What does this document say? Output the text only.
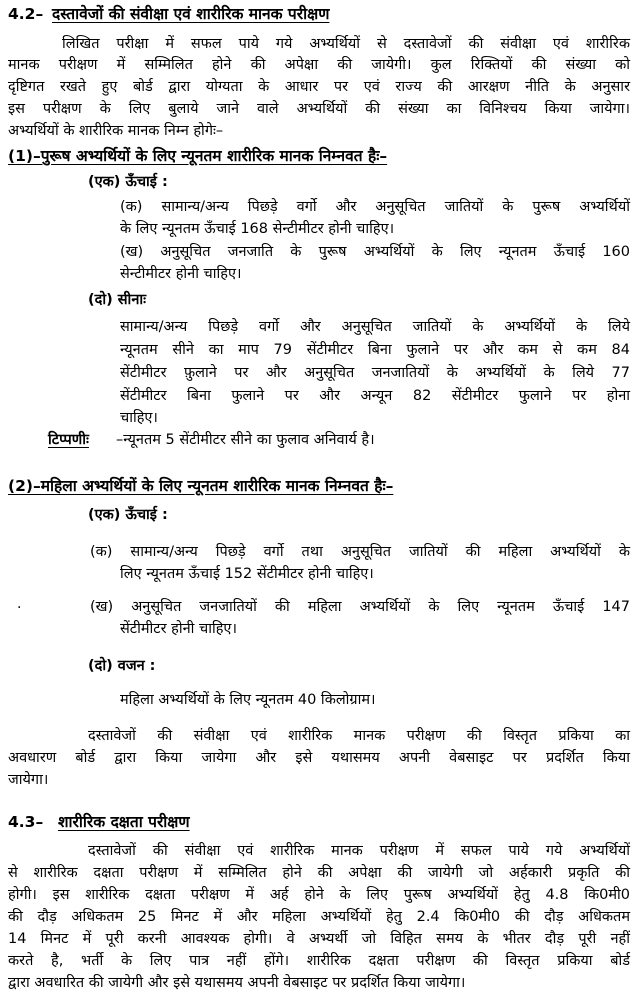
4.2– दस्तावेजों की संवीक्षा एवं शारीरिक मानक परीक्षण
लिखित परीक्षा में सफल पाये गये अभ्यर्थियों से दस्तावेजों की संवीक्षा एवं शारीरिक
मानक परीक्षण में सम्मिलित होने की अपेक्षा की जायेगी। कुल रिक्तियों की संख्या को
दृष्टिगत रखते हुए बोर्ड द्वारा योग्यता के आधार पर एवं राज्य की आरक्षण नीति के अनुसार
इस परीक्षण के लिए बुलाये जाने वाले अभ्यर्थियों की संख्या का विनिश्चय किया जायेगा।
अभ्यर्थियों के शारीरिक मानक निम्न होगेः–
(1)–पुरूष अभ्यर्थियों के लिए न्यूनतम शारीरिक मानक निम्नवत हैः–
(एक) ऊँचाई :
(क) सामान्य/अन्य पिछड़े वर्गो और अनुसूचित जातियों के पुरूष अभ्यर्थियों
के लिए न्यूनतम ऊँचाई 168 सेन्टीमीटर होनी चाहिए।
(ख) अनुसूचित जनजाति के पुरूष अभ्यर्थियों के लिए न्यूनतम ऊँचाई 160
सेन्टीमीटर होनी चाहिए।
(दो) सीनाः
सामान्य/अन्य पिछड़े वर्गो और अनुसूचित जातियों के अभ्यर्थियों के लिये
न्यूनतम सीने का माप 79 सेंटीमीटर बिना फुलाने पर और कम से कम 84
सेंटीमीटर फ़ुलाने पर और अनुसूचित जनजातियों के अभ्यर्थियों के लिये 77
सेंटीमीटर बिना फुलाने पर और अन्यून 82 सेंटीमीटर फुलाने पर होना
चाहिए।
टिप्पणीः –न्यूनतम 5 सेंटीमीटर सीने का फुलाव अनिवार्य है।
(2)–महिला अभ्यर्थियों के लिए न्यूनतम शारीरिक मानक निम्नवत हैः–
(एक) ऊँचाई :
(क) सामान्य/अन्य पिछड़े वर्गो तथा अनुसूचित जातियों की महिला अभ्यर्थियों के
लिए न्यूनतम ऊँचाई 152 सेंटीमीटर होनी चाहिए।
·	(ख) अनुसूचित जनजातियों की महिला अभ्यर्थियों के लिए न्यूनतम ऊँचाई 147
सेंटीमीटर होनी चाहिए।
(दो) वजन :
महिला अभ्यर्थियों के लिए न्यूनतम 40 किलोग्राम।
दस्तावेजों की संवीक्षा एवं शारीरिक मानक परीक्षण की विस्तृत प्रकिया का
अवधारण बोर्ड द्वारा किया जायेगा और इसे यथासमय अपनी वेबसाइट पर प्रदर्शित किया
जायेगा।
4.3– शारीरिक दक्षता परीक्षण
दस्तावेजों की संवीक्षा एवं शारीरिक मानक परीक्षण में सफल पाये गये अभ्यर्थियों
से शारीरिक दक्षता परीक्षण में सम्मिलित होने की अपेक्षा की जायेगी जो अर्हकारी प्रकृति की
होगी। इस शारीरिक दक्षता परीक्षण में अर्ह होने के लिए पुरूष अभ्यर्थियों हेतु 4.8 कि0मी0
की दौड़ अधिकतम 25 मिनट में और महिला अभ्यर्थियों हेतु 2.4 कि0मी0 की दौड़ अधिकतम
14 मिनट में पूरी करनी आवश्यक होगी। वे अभ्यर्थी जो विहित समय के भीतर दौड़ पूरी नहीं
करते है, भर्ती के लिए पात्र नहीं होंगे। शारीरिक दक्षता परीक्षण की विस्तृत प्रकिया बोर्ड
द्वारा अवधारित की जायेगी और इसे यथासमय अपनी वेबसाइट पर प्रदर्शित किया जायेगा।
